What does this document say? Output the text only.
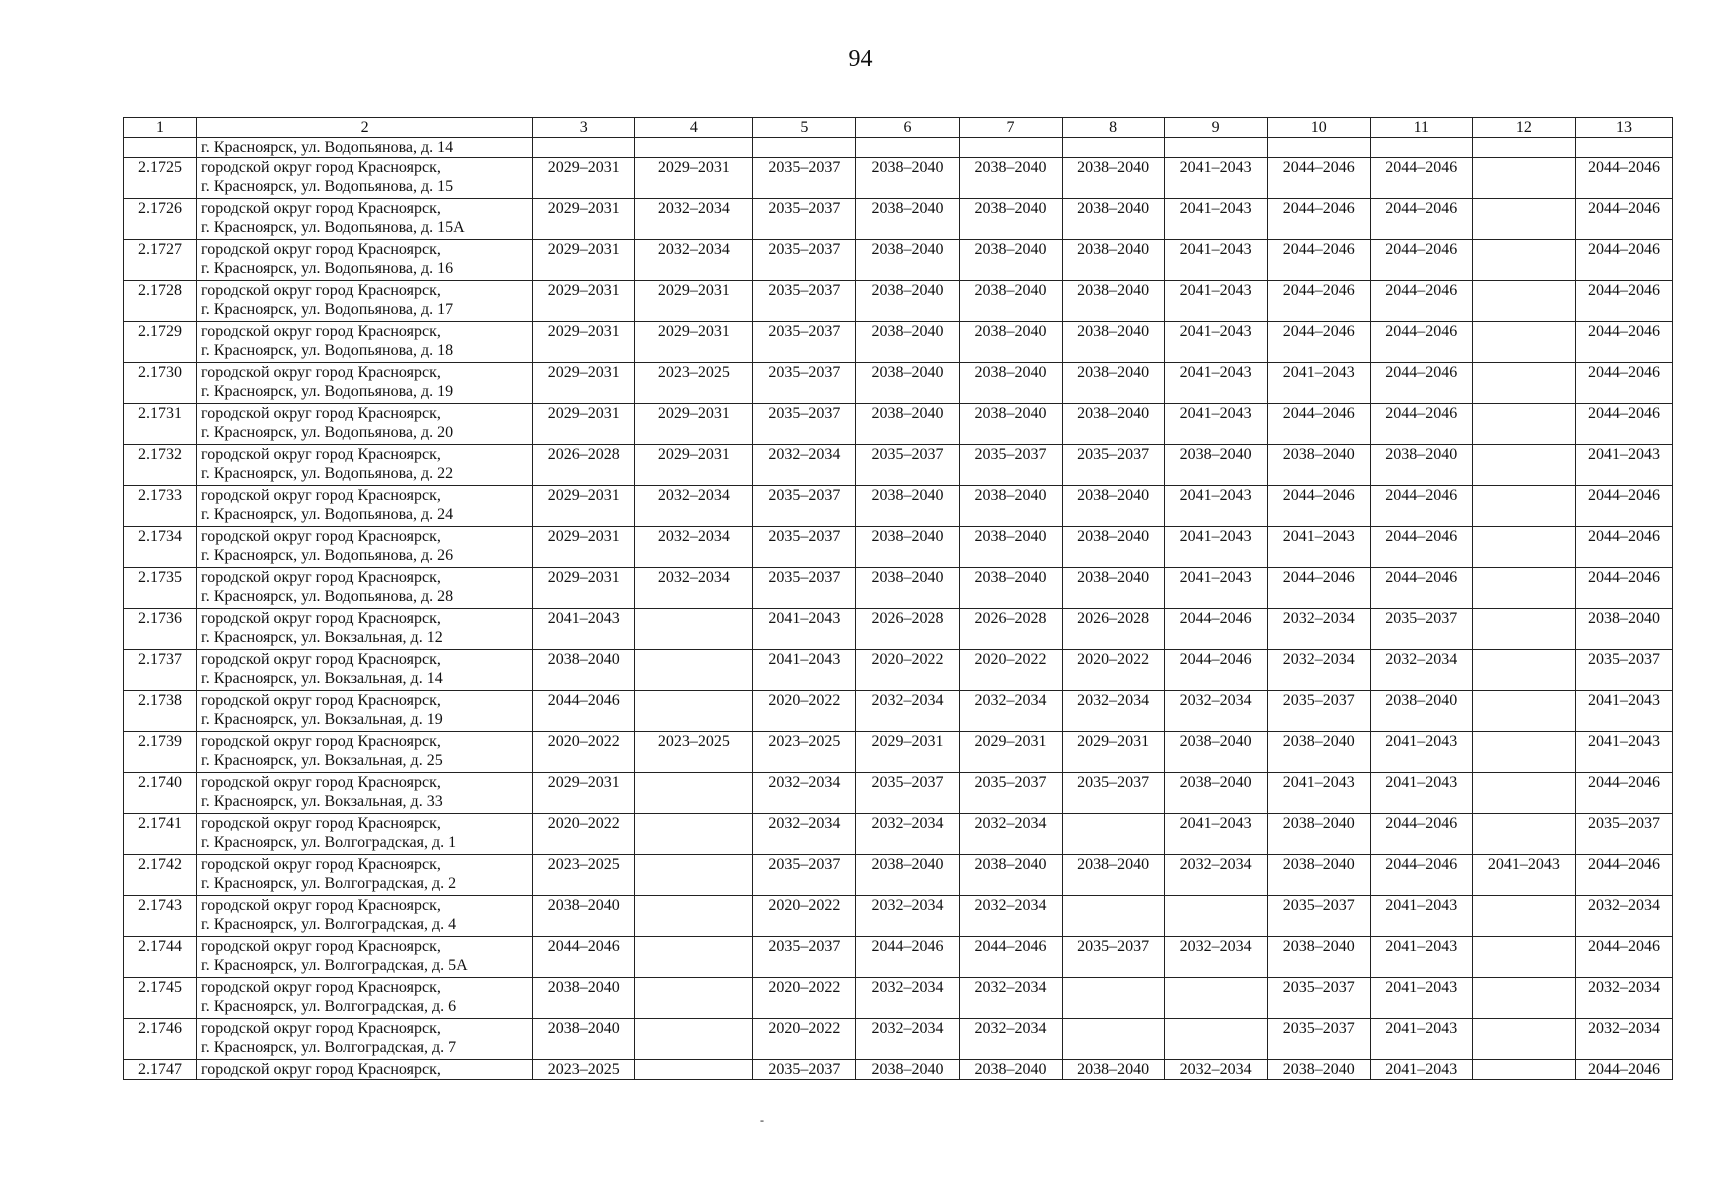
94
1	2	3	4	5	6	7	8	9	10	11	12	13

	г. Красноярск, ул. Водопьянова, д. 14											

2.1725	городской округ город Красноярск,
г. Красноярск, ул. Водопьянова, д. 15	2029–2031	2029–2031	2035–2037	2038–2040	2038–2040	2038–2040	2041–2043	2044–2046	2044–2046		2044–2046
2.1726	городской округ город Красноярск,
г. Красноярск, ул. Водопьянова, д. 15А	2029–2031	2032–2034	2035–2037	2038–2040	2038–2040	2038–2040	2041–2043	2044–2046	2044–2046		2044–2046
2.1727	городской округ город Красноярск,
г. Красноярск, ул. Водопьянова, д. 16	2029–2031	2032–2034	2035–2037	2038–2040	2038–2040	2038–2040	2041–2043	2044–2046	2044–2046		2044–2046
2.1728	городской округ город Красноярск,
г. Красноярск, ул. Водопьянова, д. 17	2029–2031	2029–2031	2035–2037	2038–2040	2038–2040	2038–2040	2041–2043	2044–2046	2044–2046		2044–2046
2.1729	городской округ город Красноярск,
г. Красноярск, ул. Водопьянова, д. 18	2029–2031	2029–2031	2035–2037	2038–2040	2038–2040	2038–2040	2041–2043	2044–2046	2044–2046		2044–2046
2.1730	городской округ город Красноярск,
г. Красноярск, ул. Водопьянова, д. 19	2029–2031	2023–2025	2035–2037	2038–2040	2038–2040	2038–2040	2041–2043	2041–2043	2044–2046		2044–2046
2.1731	городской округ город Красноярск,
г. Красноярск, ул. Водопьянова, д. 20	2029–2031	2029–2031	2035–2037	2038–2040	2038–2040	2038–2040	2041–2043	2044–2046	2044–2046		2044–2046
2.1732	городской округ город Красноярск,
г. Красноярск, ул. Водопьянова, д. 22	2026–2028	2029–2031	2032–2034	2035–2037	2035–2037	2035–2037	2038–2040	2038–2040	2038–2040		2041–2043
2.1733	городской округ город Красноярск,
г. Красноярск, ул. Водопьянова, д. 24	2029–2031	2032–2034	2035–2037	2038–2040	2038–2040	2038–2040	2041–2043	2044–2046	2044–2046		2044–2046
2.1734	городской округ город Красноярск,
г. Красноярск, ул. Водопьянова, д. 26	2029–2031	2032–2034	2035–2037	2038–2040	2038–2040	2038–2040	2041–2043	2041–2043	2044–2046		2044–2046
2.1735	городской округ город Красноярск,
г. Красноярск, ул. Водопьянова, д. 28	2029–2031	2032–2034	2035–2037	2038–2040	2038–2040	2038–2040	2041–2043	2044–2046	2044–2046		2044–2046
2.1736	городской округ город Красноярск,
г. Красноярск, ул. Вокзальная, д. 12	2041–2043		2041–2043	2026–2028	2026–2028	2026–2028	2044–2046	2032–2034	2035–2037		2038–2040
2.1737	городской округ город Красноярск,
г. Красноярск, ул. Вокзальная, д. 14	2038–2040		2041–2043	2020–2022	2020–2022	2020–2022	2044–2046	2032–2034	2032–2034		2035–2037
2.1738	городской округ город Красноярск,
г. Красноярск, ул. Вокзальная, д. 19	2044–2046		2020–2022	2032–2034	2032–2034	2032–2034	2032–2034	2035–2037	2038–2040		2041–2043
2.1739	городской округ город Красноярск,
г. Красноярск, ул. Вокзальная, д. 25	2020–2022	2023–2025	2023–2025	2029–2031	2029–2031	2029–2031	2038–2040	2038–2040	2041–2043		2041–2043
2.1740	городской округ город Красноярск,
г. Красноярск, ул. Вокзальная, д. 33	2029–2031		2032–2034	2035–2037	2035–2037	2035–2037	2038–2040	2041–2043	2041–2043		2044–2046
2.1741	городской округ город Красноярск,
г. Красноярск, ул. Волгоградская, д. 1	2020–2022		2032–2034	2032–2034	2032–2034		2041–2043	2038–2040	2044–2046		2035–2037
2.1742	городской округ город Красноярск,
г. Красноярск, ул. Волгоградская, д. 2	2023–2025		2035–2037	2038–2040	2038–2040	2038–2040	2032–2034	2038–2040	2044–2046	2041–2043	2044–2046
2.1743	городской округ город Красноярск,
г. Красноярск, ул. Волгоградская, д. 4	2038–2040		2020–2022	2032–2034	2032–2034			2035–2037	2041–2043		2032–2034
2.1744	городской округ город Красноярск,
г. Красноярск, ул. Волгоградская, д. 5А	2044–2046		2035–2037	2044–2046	2044–2046	2035–2037	2032–2034	2038–2040	2041–2043		2044–2046
2.1745	городской округ город Красноярск,
г. Красноярск, ул. Волгоградская, д. 6	2038–2040		2020–2022	2032–2034	2032–2034			2035–2037	2041–2043		2032–2034
2.1746	городской округ город Красноярск,
г. Красноярск, ул. Волгоградская, д. 7	2038–2040		2020–2022	2032–2034	2032–2034			2035–2037	2041–2043		2032–2034
2.1747	городской округ город Красноярск,	2023–2025		2035–2037	2038–2040	2038–2040	2038–2040	2032–2034	2038–2040	2041–2043		2044–2046
-
